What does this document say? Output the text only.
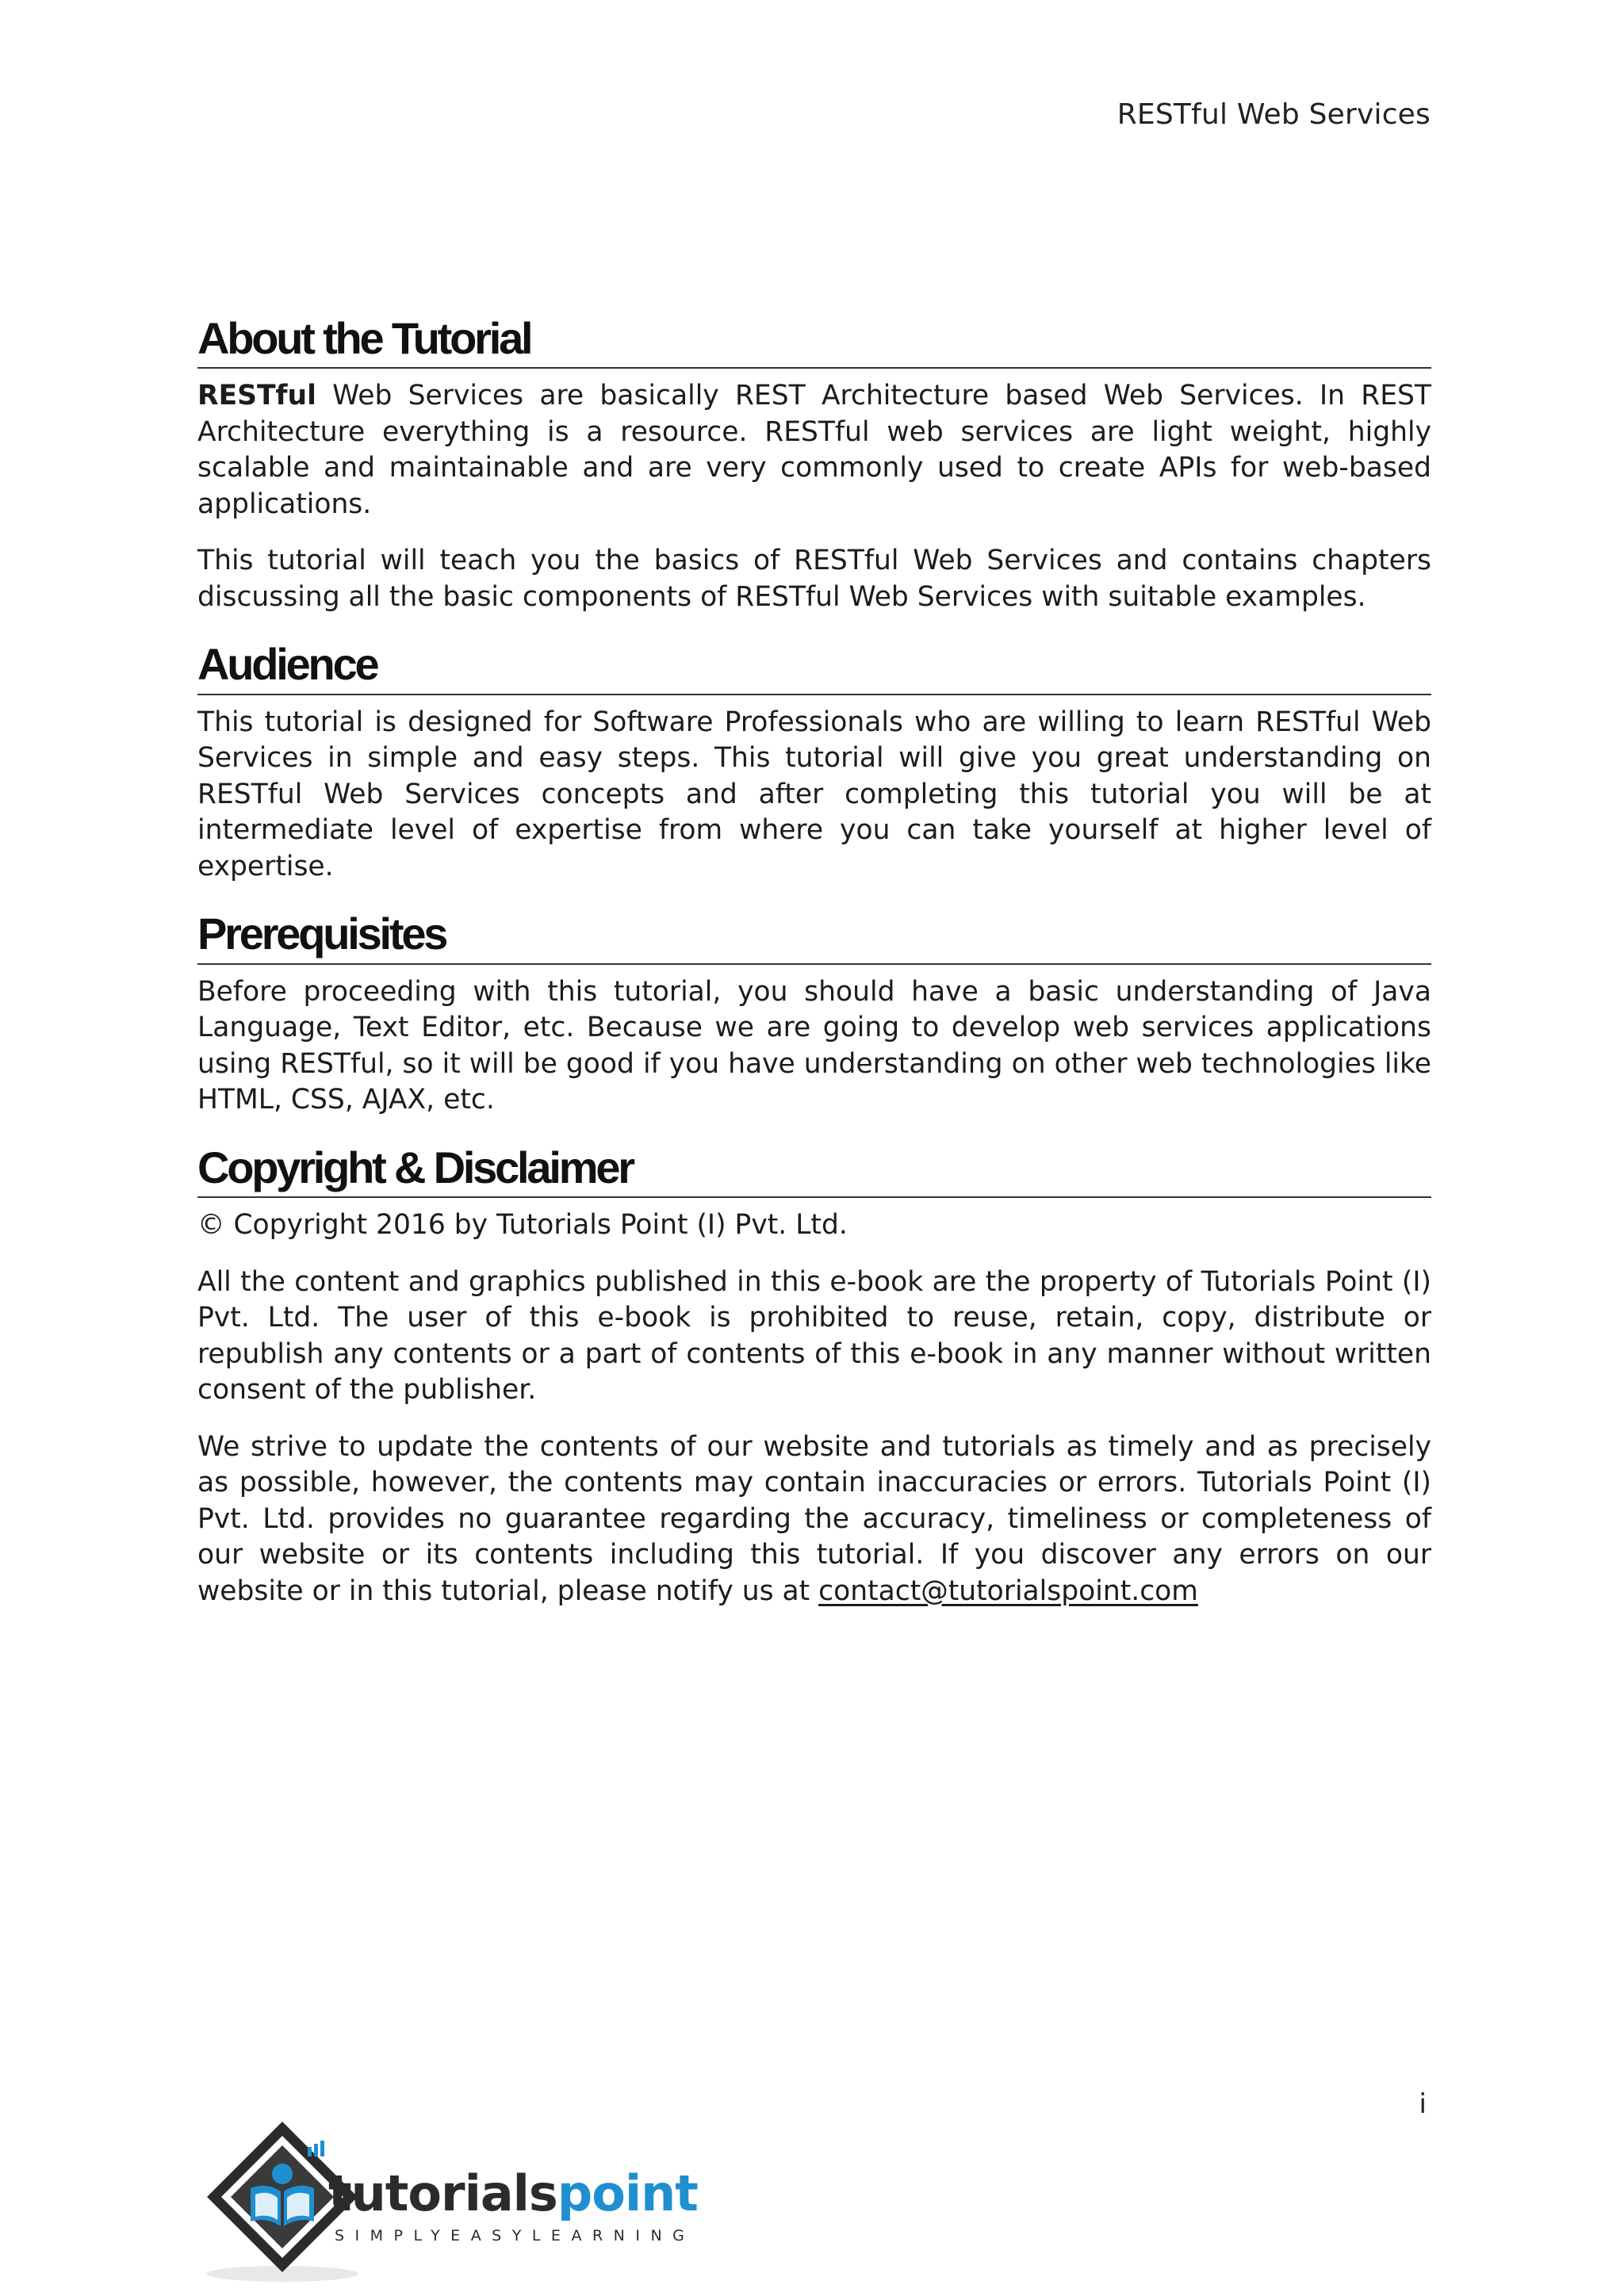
RESTful Web Services
About the Tutorial

RESTful Web Services are basically REST Architecture based Web Services. In REST Architecture everything is a resource. RESTful web services are light weight, highly scalable and maintainable and are very commonly used to create APIs for web-based applications.

This tutorial will teach you the basics of RESTful Web Services and contains chapters discussing all the basic components of RESTful Web Services with suitable examples.

Audience

This tutorial is designed for Software Professionals who are willing to learn RESTful Web Services in simple and easy steps. This tutorial will give you great understanding on RESTful Web Services concepts and after completing this tutorial you will be at intermediate level of expertise from where you can take yourself at higher level of expertise.

Prerequisites

Before proceeding with this tutorial, you should have a basic understanding of Java Language, Text Editor, etc. Because we are going to develop web services applications using RESTful, so it will be good if you have understanding on other web technologies like HTML, CSS, AJAX, etc.

Copyright & Disclaimer

© Copyright 2016 by Tutorials Point (I) Pvt. Ltd.

All the content and graphics published in this e-book are the property of Tutorials Point (I) Pvt. Ltd. The user of this e-book is prohibited to reuse, retain, copy, distribute or republish any contents or a part of contents of this e-book in any manner without written consent of the publisher.

We strive to update the contents of our website and tutorials as timely and as precisely as possible, however, the contents may contain inaccuracies or errors. Tutorials Point (I) Pvt. Ltd. provides no guarantee regarding the accuracy, timeliness or completeness of our website or its contents including this tutorial. If you discover any errors on our website or in this tutorial, please notify us at contact@tutorialspoint.com

i
tutorialspoint
SIMPLYEASYLEARNING
